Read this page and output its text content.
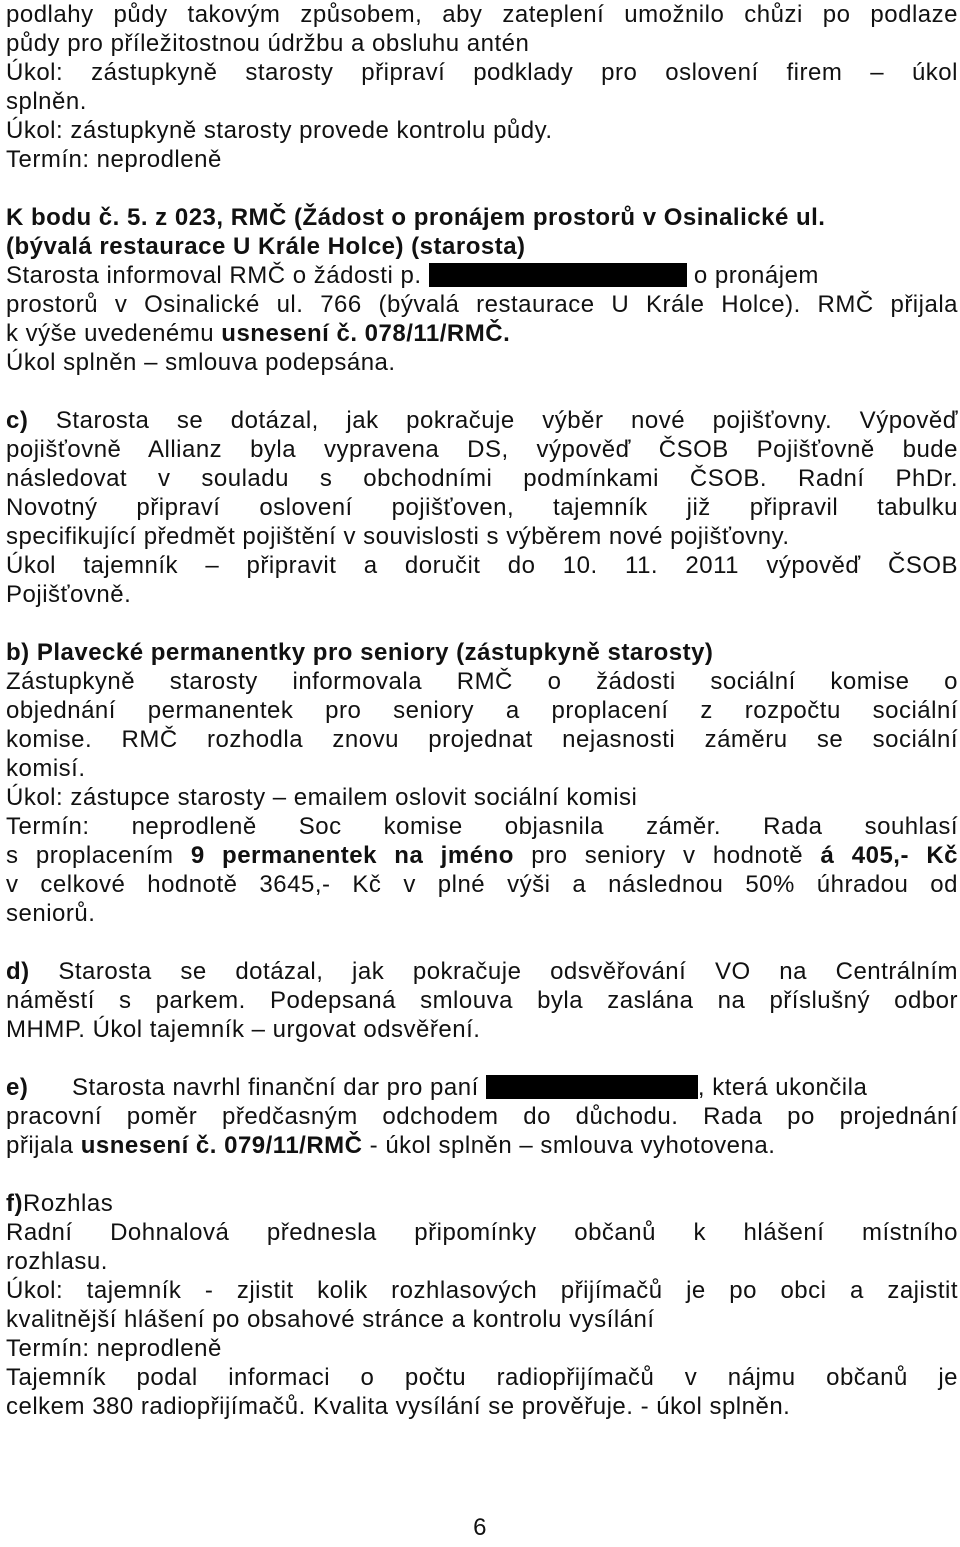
podlahy půdy takovým způsobem, aby zateplení umožnilo chůzi po podlaze
půdy pro příležitostnou údržbu a obsluhu antén
Úkol: zástupkyně starosty připraví podklady pro oslovení firem – úkol
splněn.
Úkol: zástupkyně starosty provede kontrolu půdy.
Termín: neprodleně
K bodu č. 5. z 023, RMČ (Žádost o pronájem prostorů v Osinalické ul.
(bývalá restaurace U Krále Holce) (starosta)
Starosta informoval RMČ o žádosti p.	o pronájem
prostorů v Osinalické ul. 766 (bývalá restaurace U Krále Holce). RMČ přijala
k výše uvedenému usnesení č. 078/11/RMČ.
Úkol splněn – smlouva podepsána.
c) Starosta se dotázal, jak pokračuje výběr nové pojišťovny. Výpověď
pojišťovně Allianz byla vypravena DS, výpověď ČSOB Pojišťovně bude
následovat v souladu s obchodními podmínkami ČSOB. Radní PhDr.
Novotný připraví oslovení pojišťoven, tajemník již připravil tabulku
specifikující předmět pojištění v souvislosti s výběrem nové pojišťovny.
Úkol tajemník – připravit a doručit do 10. 11. 2011 výpověď ČSOB
Pojišťovně.
b) Plavecké permanentky pro seniory (zástupkyně starosty)
Zástupkyně starosty informovala RMČ o žádosti sociální komise o
objednání permanentek pro seniory a proplacení z rozpočtu sociální
komise. RMČ rozhodla znovu projednat nejasnosti záměru se sociální
komisí.
Úkol: zástupce starosty – emailem oslovit sociální komisi
Termín: neprodleně Soc komise objasnila záměr. Rada souhlasí
s proplacením 9 permanentek na jméno pro seniory v hodnotě á 405,- Kč
v celkové hodnotě 3645,- Kč v plné výši a následnou 50% úhradou od
seniorů.
d) Starosta se dotázal, jak pokračuje odsvěřování VO na Centrálním
náměstí s parkem. Podepsaná smlouva byla zaslána na příslušný odbor
MHMP. Úkol tajemník – urgovat odsvěření.
e) Starosta navrhl finanční dar pro paní	, která ukončila
pracovní poměr předčasným odchodem do důchodu. Rada po projednání
přijala usnesení č. 079/11/RMČ - úkol splněn – smlouva vyhotovena.
f)Rozhlas
Radní Dohnalová přednesla připomínky občanů k hlášení místního
rozhlasu.
Úkol: tajemník - zjistit kolik rozhlasových přijímačů je po obci a zajistit
kvalitnější hlášení po obsahové stránce a kontrolu vysílání
Termín: neprodleně
Tajemník podal informaci o počtu radiopřijímačů v nájmu občanů je
celkem 380 radiopřijímačů. Kvalita vysílání se prověřuje. - úkol splněn.
6
